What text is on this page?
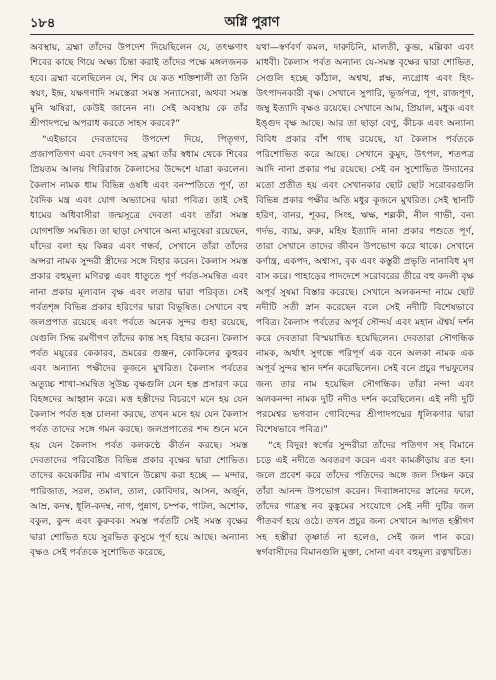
১৮৪	অগ্নি পুরাণ

অবস্থায়, ব্রহ্মা তাঁদের উপদেশ দিয়েছিলেন যে, তৎক্ষণাৎ শিবের কাছে গিয়ে অক্ষ্য চিন্তা করাই তাঁদের পক্ষে মঙ্গলজনক হবে। ব্রহ্মা বলেছিলেন যে, শিব যে কত শক্তিশালী তা তিনি স্বয়ং, ইন্দ্র, যক্ষগণাদি সমস্তেরা সমস্ত সন্যাসেরা, অথবা সমস্ত মুনি ঋষিরা, কেউই জানেন না। সেই অবস্থায় কে তাঁর শ্রীপাদপদ্মে অপরাধ করতে সাহস করবে?”

“এইভাবে দেবতাদের উপদেশ দিয়ে, পিতৃগণ, প্রজাপতিগণ এবং দেবগণ সহ ব্রহ্মা তাঁর স্বধাম থেকে শিবের প্রিয়তম আলয় গিরিরাজ কৈলাসের উদ্দেশে যাত্রা করলেন। কৈলাস নামক ধাম বিভিন্ন ওষধি এবং বনস্পতিতে পূর্ণ, তা বৈদিক মন্ত্র এবং যোগ অভ্যাসের দ্বারা পবিত্র। তাই সেই ধামের অধিবাসীরা জন্মসূত্রে দেবতা এবং তাঁরা সমস্ত যোগশক্তি সমন্বিত। তা ছাড়া সেখানে অন্য মানুষেরা রয়েছেন, যাঁদের বলা হয় কিন্নর এবং গন্ধর্ব, সেখানে তাঁরা তাঁদের অপ্সরা নামক সুন্দরী স্ত্রীদের সঙ্গে বিহার করেন। কৈলাস সমস্ত প্রকার বহুমূল্য মণিরত্ন এবং ধাতুতে পূর্ণ পর্বত-সমন্বিত এবং নানা প্রকার মূল্যবান বৃক্ষ এবং লতার দ্বারা পরিবৃত। সেই পর্বতশৃঙ্গ বিভিন্ন প্রকার হরিণের দ্বারা বিভূষিত। সেখানে বহু জলপ্রপাত রয়েছে এবং পর্বতে অনেক সুন্দর গুহা রয়েছে, যেগুলি সিদ্ধ রমণীগণ তাঁদের কান্ত সহ বিহার করেন। কৈলাস পর্বত ময়ূরের কেকারব, ভ্রমরের গুঞ্জন, কোকিলের কুহুরব এবং অন্যান্য পক্ষীদের কূজনে মুখরিত। কৈলাস পর্বতের অত্যুচ্চ শাখা-সমন্বিত সুউচ্চ বৃক্ষগুলি যেন হস্ত প্রসারণ করে বিহঙ্গদের আহ্বান করে। মত্ত হস্তীদের বিচরণে মনে হয় যেন কৈলাস পর্বত হস্ত চালনা করছে, তখন মনে হয় যেন কৈলাস পর্বত তাদের সঙ্গে গমন করছে। জলপ্রপাতের শব্দ শুনে মনে হয় যেন কৈলাস পর্বত কলকণ্ঠে কীর্তন করছে। সমস্ত দেবতাদের পরিবেষ্টিত বিভিন্ন প্রকার বৃক্ষের দ্বারা শোভিত। তাদের কয়েকটির নাম এখানে উল্লেখ করা হচ্ছে — মন্দার, পারিজাত, সরল, তমাল, তাল, কোবিদার, আসন, অর্জুন, আম্র, কদম্ব, ধূলি-কদম্ব, নাগ, পুন্নাগ, চম্পক, পাটল, অশোক, বকুল, কুন্দ এবং কুরুবক। সমস্ত পর্বতটি সেই সমস্ত বৃক্ষের দ্বারা শোভিত হয়ে সুরভিত কুসুমে পূর্ণ হয়ে আছে। অন্যান্য বৃক্ষও সেই পর্বতকে সুশোভিত করেছে,

যথা—স্বর্ণবর্ণ কমল, দারুচিনি, মালতী, কুব্জ, মল্লিকা এবং মাধবী। কৈলাস পর্বত অন্যান্য যে-সমস্ত বৃক্ষের দ্বারা শোভিত, সেগুলি হচ্ছে কাঁঠাল, অশ্বত্থ, প্লক্ষ, ন্যগ্রোধ এবং হিং-উৎপাদনকারী বৃক্ষ। সেখানে সুপারি, ভূর্জপত্র, পূগ, রাজপূগ, জম্বু ইত্যাদি বৃক্ষও রয়েছে। সেখানে আম, প্রিয়াল, মধুক এবং ইঙ্গুদ বৃক্ষ আছে। আর তা ছাড়া বেণু, কীচক এবং অন্যান্য বিবিধ প্রকার বাঁশ গাছ রয়েছে, যা কৈলাস পর্বতকে পরিশোভিত করে আছে। সেখানে কুমুদ, উৎপল, শতপত্র আদি নানা প্রকার পদ্ম রয়েছে। সেই বন সুশোভিত উদ্যানের মতো প্রতীত হয় এবং সেখানকার ছোট ছোট সরোবরগুলি বিভিন্ন প্রকার পক্ষীর অতি মধুর কূজনে মুখরিত। সেই স্থানটি হরিণ, বানর, শূকর, সিংহ, ঋক্ষ, শল্লকী, নীল গাভী, বন্য গর্দভ, ব্যাঘ্র, রুরু, মহিষ ইত্যাদি নানা প্রকার পশুতে পূর্ণ, তারা সেখানে তাদের জীবন উপভোগ করে থাকে। সেখানে কর্ণান্ত্র, একপদ, অশ্বাস্য, বৃক এবং কস্তুরী প্রভৃতি নানাবিধ মৃগ বাস করে। পাহাড়ের পাদদেশে সরোবরের তীরে বহু কদলী বৃক্ষ অপূর্ব সুষমা বিস্তার করেছে। সেখানে অলকনন্দা নামে ছোট নদীটি সতী স্নান করেছেন বলে সেই নদীটি বিশেষভাবে পবিত্র। কৈলাস পর্বতের অপূর্ব সৌন্দর্য এবং মহান ঐশ্বর্য দর্শন করে দেবতারা বিস্ময়ান্বিত হয়েছিলেন। দেবতারা সৌগন্ধিক নামক, অর্থাৎ সুগন্ধে পরিপূর্ণ এক বনে অলকা নামক এক অপূর্ব সুন্দর স্থান দর্শন করেছিলেন। সেই বনে প্রচুর পদ্মফুলের জন্য তার নাম হয়েছিল সৌগন্ধিক। তাঁরা নন্দা এবং অলকনন্দা নামক দুটি নদীও দর্শন করেছিলেন। এই নদী দুটি পরমেশ্বর ভগবান গোবিন্দের শ্রীপাদপদ্মের ধূলিকণার দ্বারা বিশেষভাবে পবিত্র।”

“হে বিদুর! স্বর্গের সুন্দরীরা তাঁদের পতিগণ সহ বিমানে চড়ে এই নদীতে অবতরণ করেন এবং কামক্রীড়ায় রত হন। জলে প্রবেশ করে তাঁদের পতিদের অঙ্গে জল সিঞ্চন করে তাঁরা আনন্দ উপভোগ করেন। দিব্যাঙ্গনাদের স্নানের ফলে, তাঁদের গাত্রস্থ নব কুঙ্কুমের সংযোগে সেই নদী দুটির জল পীতবর্ণ হয়ে ওঠে। তখন প্রচুর জন্য সেখানে আগত হস্তীগণ সহ হস্তীরা তৃষ্ণার্ত না হলেও, সেই জল পান করে। স্বর্গবাসীদের বিমানগুলি মুক্তা, সোনা এবং বহুমূল্য রত্নখচিত।
